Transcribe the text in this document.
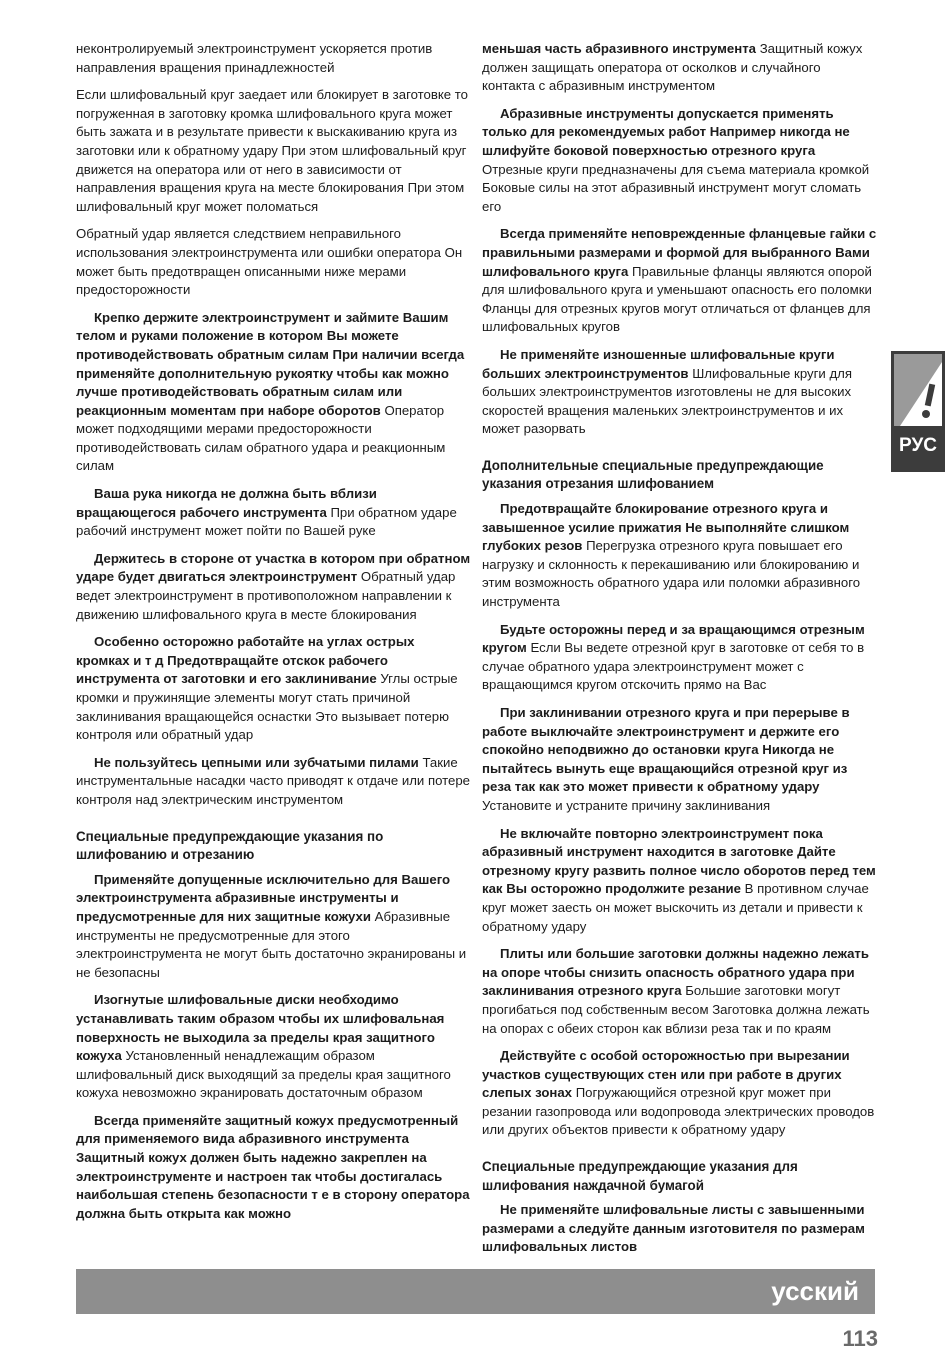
неконтролируемый электроинструмент ускоряется против направления вращения принадлежностей

Если шлифовальный круг заедает или блокирует в заготовке то погруженная в заготовку кромка шлифовального круга может быть зажата и в результате привести к выскакиванию круга из заготовки или к обратному удару При этом шлифовальный круг движется на оператора или от него в зависимости от направления вращения круга на месте блокирования При этом шлифовальный круг может поломаться

Обратный удар является следствием неправильного использования электроинструмента или ошибки оператора Он может быть предотвращен описанными ниже мерами предосторожности

Крепко держите электроинструмент и займите Вашим телом и руками положение в котором Вы можете противодействовать обратным силам При наличии всегда применяйте дополнительную рукоятку чтобы как можно лучше противодействовать обратным силам или реакционным моментам при наборе оборотов Оператор может подходящими мерами предосторожности противодействовать силам обратного удара и реакционным силам

Ваша рука никогда не должна быть вблизи вращающегося рабочего инструмента При обратном ударе рабочий инструмент может пойти по Вашей руке

Держитесь в стороне от участка в котором при обратном ударе будет двигаться электроинструмент Обратный удар ведет электроинструмент в противоположном направлении к движению шлифовального круга в месте блокирования

Особенно осторожно работайте на углах острых кромках и т д Предотвращайте отскок рабочего инструмента от заготовки и его заклинивание Углы острые кромки и пружинящие элементы могут стать причиной заклинивания вращающейся оснастки Это вызывает потерю контроля или обратный удар

Не пользуйтесь цепными или зубчатыми пилами Такие инструментальные насадки часто приводят к отдаче или потере контроля над электрическим инструментом

Специальные предупреждающие указания по шлифованию и отрезанию

Применяйте допущенные исключительно для Вашего электроинструмента абразивные инструменты и предусмотренные для них защитные кожухи Абразивные инструменты не предусмотренные для этого электроинструмента не могут быть достаточно экранированы и не безопасны

Изогнутые шлифовальные диски необходимо устанавливать таким образом чтобы их шлифовальная поверхность не выходила за пределы края защитного кожуха Установленный ненадлежащим образом шлифовальный диск выходящий за пределы края защитного кожуха невозможно экранировать достаточным образом

Всегда применяйте защитный кожух предусмотренный для применяемого вида абразивного инструмента Защитный кожух должен быть надежно закреплен на электроинструменте и настроен так чтобы достигалась наибольшая степень безопасности т е в сторону оператора должна быть открыта как можно

меньшая часть абразивного инструмента Защитный кожух должен защищать оператора от осколков и случайного контакта с абразивным инструментом

Абразивные инструменты допускается применять только для рекомендуемых работ Например никогда не шлифуйте боковой поверхностью отрезного круга Отрезные круги предназначены для съема материала кромкой Боковые силы на этот абразивный инструмент могут сломать его

Всегда применяйте неповрежденные фланцевые гайки с правильными размерами и формой для выбранного Вами шлифовального круга Правильные фланцы являются опорой для шлифовального круга и уменьшают опасность его поломки Фланцы для отрезных кругов могут отличаться от фланцев для шлифовальных кругов

Не применяйте изношенные шлифовальные круги больших электроинструментов Шлифовальные круги для больших электроинструментов изготовлены не для высоких скоростей вращения маленьких электроинструментов и их может разорвать

Дополнительные специальные предупреждающие указания отрезания шлифованием

Предотвращайте блокирование отрезного круга и завышенное усилие прижатия Не выполняйте слишком глубоких резов Перегрузка отрезного круга повышает его нагрузку и склонность к перекашиванию или блокированию и этим возможность обратного удара или поломки абразивного инструмента

Будьте осторожны перед и за вращающимся отрезным кругом Если Вы ведете отрезной круг в заготовке от себя то в случае обратного удара электроинструмент может с вращающимся кругом отскочить прямо на Вас

При заклинивании отрезного круга и при перерыве в работе выключайте электроинструмент и держите его спокойно неподвижно до остановки круга Никогда не пытайтесь вынуть еще вращающийся отрезной круг из реза так как это может привести к обратному удару Установите и устраните причину заклинивания

Не включайте повторно электроинструмент пока абразивный инструмент находится в заготовке Дайте отрезному кругу развить полное число оборотов перед тем как Вы осторожно продолжите резание В противном случае круг может заесть он может выскочить из детали и привести к обратному удару

Плиты или большие заготовки должны надежно лежать на опоре чтобы снизить опасность обратного удара при заклинивания отрезного круга Большие заготовки могут прогибаться под собственным весом Заготовка должна лежать на опорах с обеих сторон как вблизи реза так и по краям

Действуйте с особой осторожностью при вырезании участков существующих стен или при работе в других слепых зонах Погружающийся отрезной круг может при резании газопровода или водопровода электрических проводов или других объектов привести к обратному удару

Специальные предупреждающие указания для шлифования наждачной бумагой

Не применяйте шлифовальные листы с завышенными размерами а следуйте данным изготовителя по размерам шлифовальных листов

РУС
усский
113
